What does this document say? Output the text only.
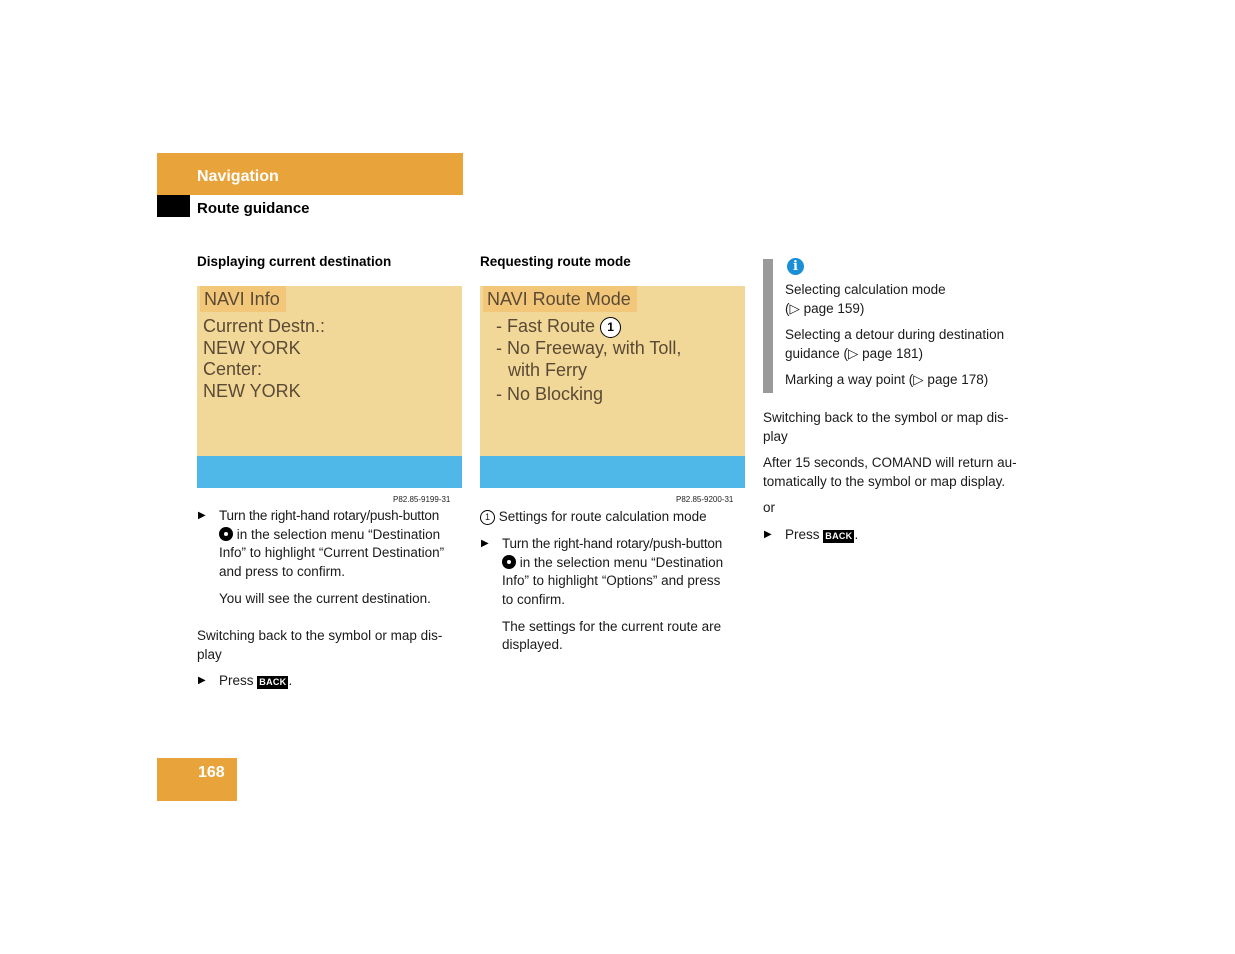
Navigation
Route guidance
Displaying current destination
NAVI Info
Current Destn.:
NEW YORK
Center:
NEW YORK
P82.85-9199-31
▶ Turn the right-hand rotary/push-button
in the selection menu “Destination
Info” to highlight “Current Destination”
and press to confirm.
You will see the current destination.
Switching back to the symbol or map dis-
play
▶ Press BACK .
Requesting route mode
NAVI Route Mode
- Fast Route 1
- No Freeway, with Toll,
with Ferry
- No Blocking
P82.85-9200-31
1 Settings for route calculation mode
▶ Turn the right-hand rotary/push-button
in the selection menu “Destination
Info” to highlight “Options” and press
to confirm.
The settings for the current route are
displayed.
i
Selecting calculation mode
(▷ page 159)
Selecting a detour during destination
guidance (▷ page 181)
Marking a way point (▷ page 178)
Switching back to the symbol or map dis-
play
After 15 seconds, COMAND will return au-
tomatically to the symbol or map display.
or
▶ Press BACK .
168
